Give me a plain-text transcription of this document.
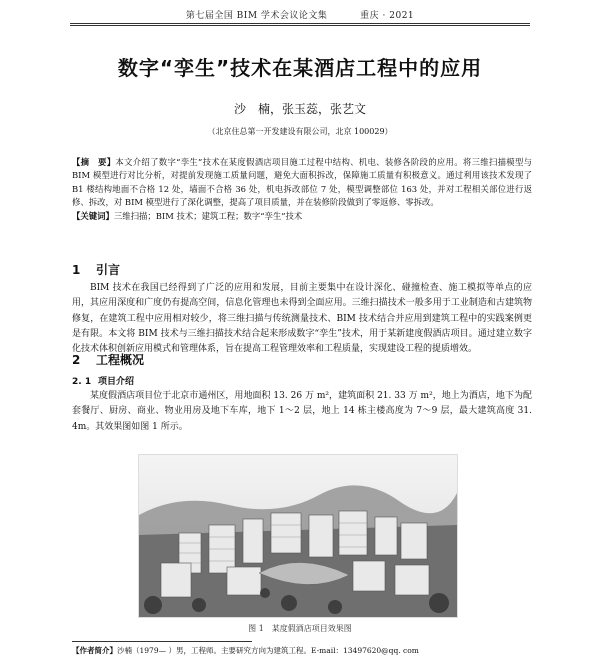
第七届全国 BIM 学术会议论文集	重庆 · 2021
数字“孪生”技术在某酒店工程中的应用
沙　楠，张玉蕊，张艺文
（北京住总第一开发建设有限公司，北京 100029）

【摘　要】本文介绍了数字“孪生”技术在某度假酒店项目施工过程中结构、机电、装修各阶段的应用。将三维扫描模型与 BIM 模型进行对比分析，对提前发现施工质量问题，避免大面积拆改，保障施工质量有积极意义。通过利用该技术发现了 B1 楼结构地面不合格 12 处，墙面不合格 36 处，机电拆改部位 7 处，模型调整部位 163 处，并对工程相关部位进行返修、拆改，对 BIM 模型进行了深化调整，提高了项目质量，并在装修阶段做到了零返修、零拆改。

【关键词】三维扫描；BIM 技术；建筑工程；数字“孪生”技术

1 引言

BIM 技术在我国已经得到了广泛的应用和发展，目前主要集中在设计深化、碰撞检查、施工模拟等单点的应用，其应用深度和广度仍有提高空间，信息化管理也未得到全面应用。三维扫描技术一般多用于工业制造和古建筑物修复，在建筑工程中应用相对较少，将三维扫描与传统测量技术、BIM 技术结合并应用到建筑工程中的实践案例更是有限。本文将 BIM 技术与三维扫描技术结合起来形成数字“孪生”技术，用于某新建度假酒店项目。通过建立数字化技术体积创新应用模式和管理体系，旨在提高工程管理效率和工程质量，实现建设工程的提质增效。

2 工程概况
2. 1 项目介绍

某度假酒店项目位于北京市通州区，用地面积 13. 26 万 m²，建筑面积 21. 33 万 m²，地上为酒店，地下为配套餐厅、厨房、商业、物业用房及地下车库，地下 1～2 层，地上 14 栋主楼高度为 7～9 层，最大建筑高度 31. 4m。其效果图如图 1 所示。

图 1　某度假酒店项目效果图
【作者简介】沙楠（1979— ）男，工程师。主要研究方向为建筑工程。E-mail：13497620@qq. com
